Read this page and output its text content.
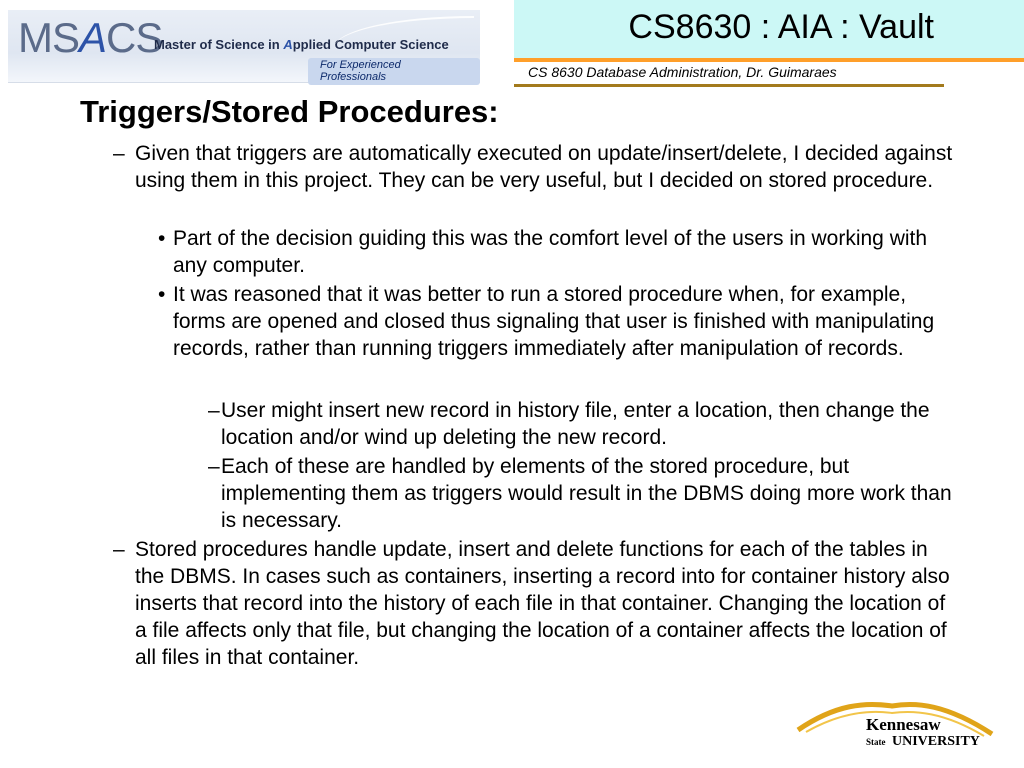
MSACS
Master of Science in Applied Computer Science
For Experienced Professionals
CS8630 : AIA : Vault
CS 8630 Database Administration, Dr. Guimaraes
Triggers/Stored Procedures:
– Given that triggers are automatically executed on update/insert/delete, I decided against using them in this project. They can be very useful, but I decided on stored procedure.
• Part of the decision guiding this was the comfort level of the users in working with any computer.
• It was reasoned that it was better to run a stored procedure when, for example, forms are opened and closed thus signaling that user is finished with manipulating records, rather than running triggers immediately after manipulation of records.
– User might insert new record in history file, enter a location, then change the location and/or wind up deleting the new record.
– Each of these are handled by elements of the stored procedure, but implementing them as triggers would result in the DBMS doing more work than is necessary.
– Stored procedures handle update, insert and delete functions for each of the tables in the DBMS. In cases such as containers, inserting a record into for container history also inserts that record into the history of each file in that container. Changing the location of a file affects only that file, but changing the location of a container affects the location of all files in that container.
Kennesaw
State UNIVERSITY
